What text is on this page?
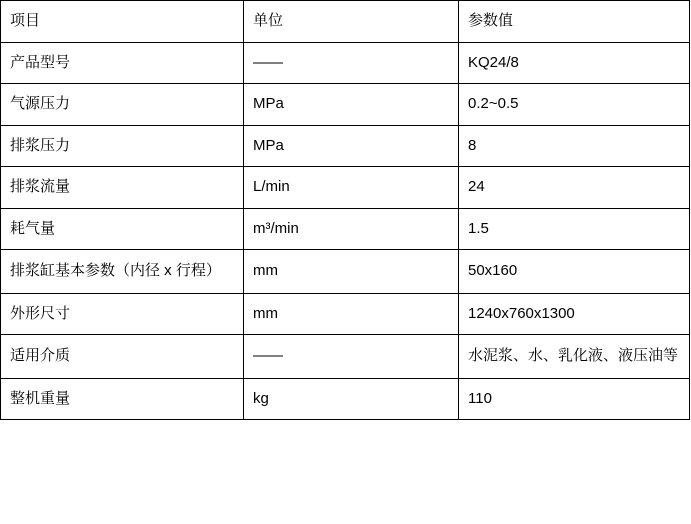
项目	单位	参数值
产品型号	——	KQ24/8
气源压力	MPa	0.2~0.5
排浆压力	MPa	8
排浆流量	L/min	24
耗气量	m³/min	1.5
排浆缸基本参数（内径 x 行程）	mm	50x160
外形尺寸	mm	1240x760x1300
适用介质	——	水泥浆、水、乳化液、液压油等
整机重量	kg	110
